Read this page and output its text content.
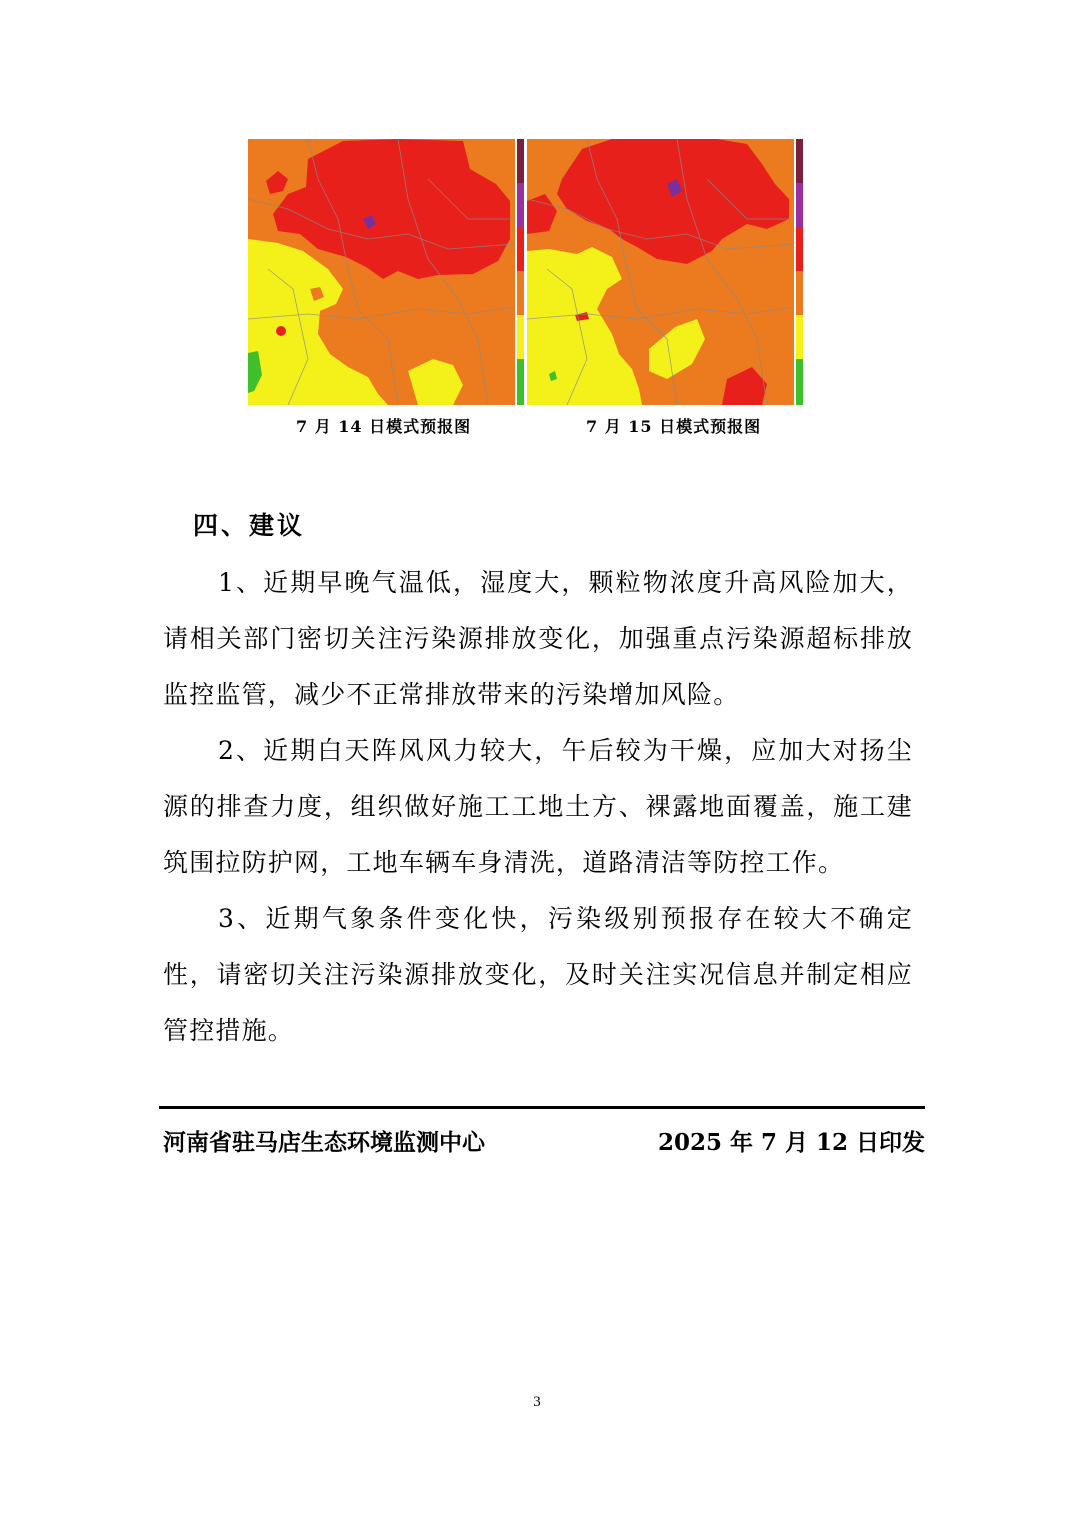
7 月 14 日模式预报图	7 月 15 日模式预报图
四、建议

1、近期早晚气温低，湿度大，颗粒物浓度升高风险加大，请相关部门密切关注污染源排放变化，加强重点污染源超标排放监控监管，减少不正常排放带来的污染增加风险。

2、近期白天阵风风力较大，午后较为干燥，应加大对扬尘源的排查力度，组织做好施工工地土方、裸露地面覆盖，施工建筑围拉防护网，工地车辆车身清洗，道路清洁等防控工作。

3、近期气象条件变化快，污染级别预报存在较大不确定性，请密切关注污染源排放变化，及时关注实况信息并制定相应管控措施。

河南省驻马店生态环境监测中心	2025 年 7 月 12 日印发
3
